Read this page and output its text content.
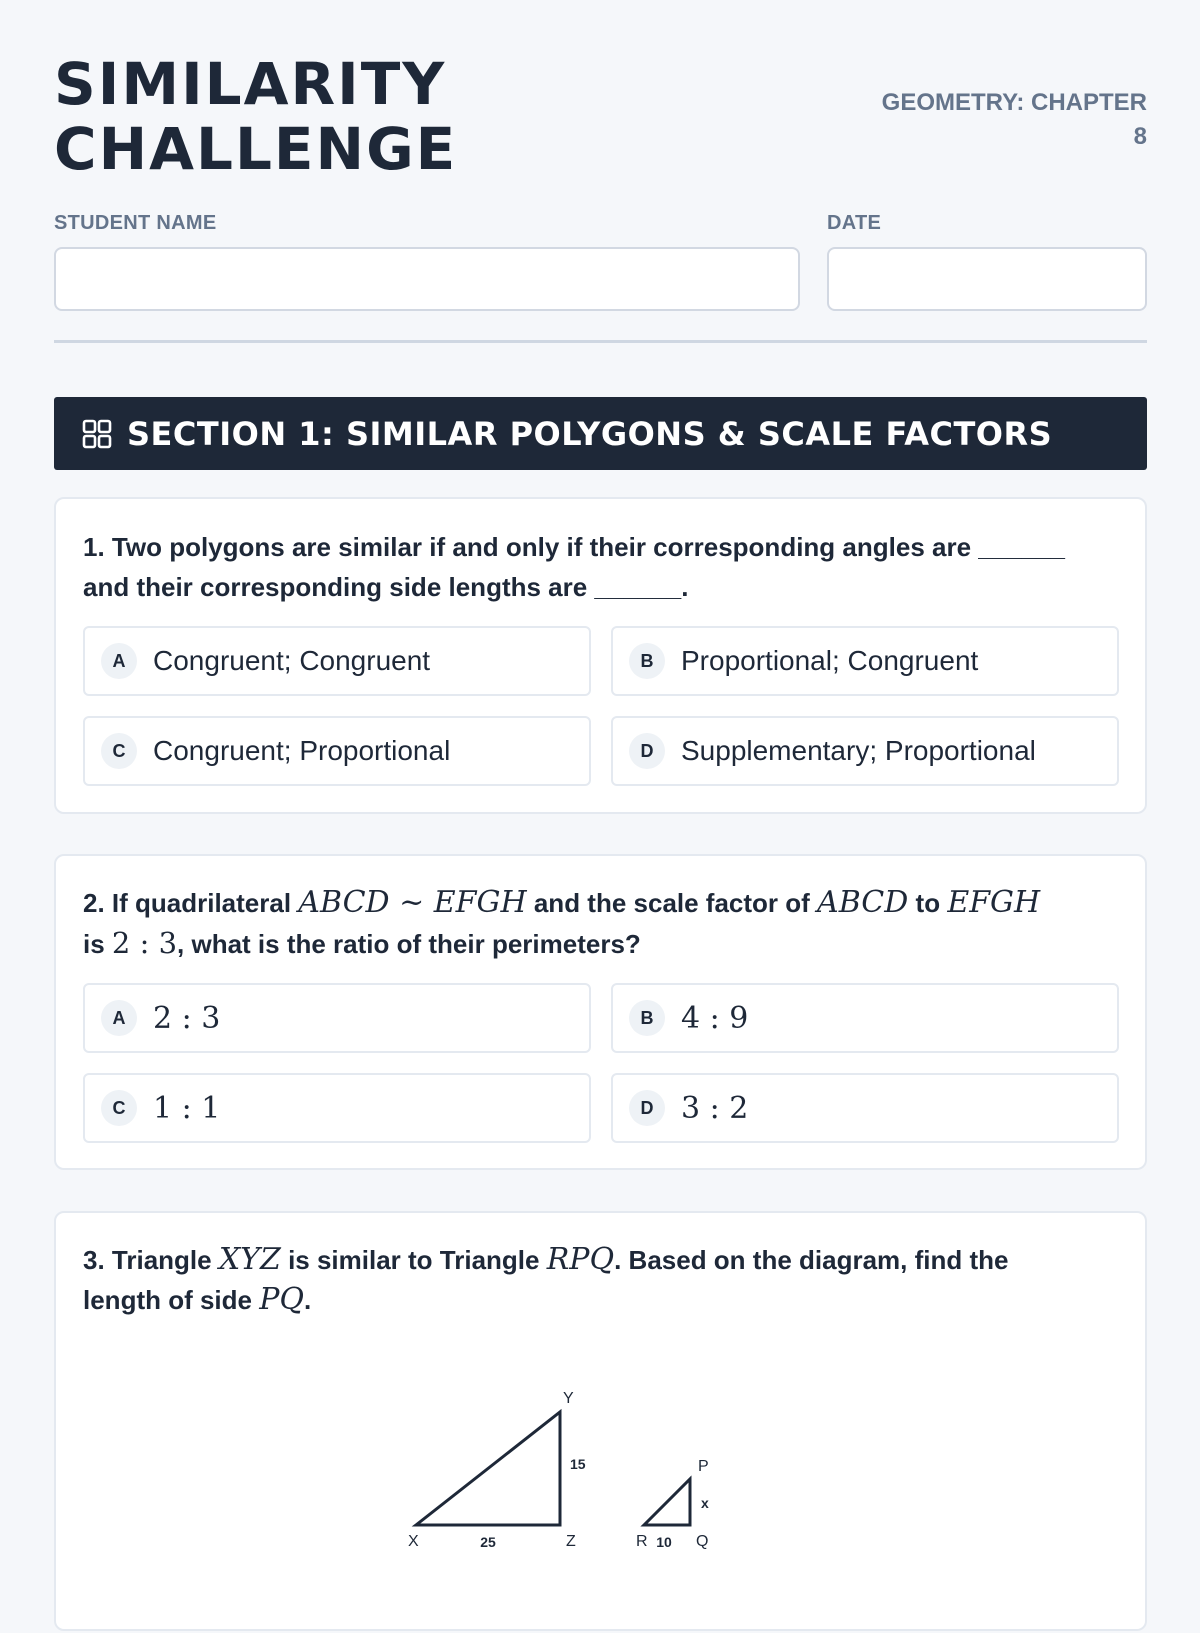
SIMILARITY
CHALLENGE
GEOMETRY: CHAPTER 8
STUDENT NAME	DATE
SECTION 1: SIMILAR POLYGONS & SCALE FACTORS
1. Two polygons are similar if and only if their corresponding angles are ______
and their corresponding side lengths are ______.
A Congruent; Congruent	B Proportional; Congruent
C Congruent; Proportional	D Supplementary; Proportional
2. If quadrilateral ABCD ~ EFGH and the scale factor of ABCD to EFGH
is 2 : 3, what is the ratio of their perimeters?
A 2 : 3	B 4 : 9
C 1 : 1	D 3 : 2
3. Triangle XYZ is similar to Triangle RPQ. Based on the diagram, find the
length of side PQ.
Y
X	Z
25
15	P
R	Q
10
x
